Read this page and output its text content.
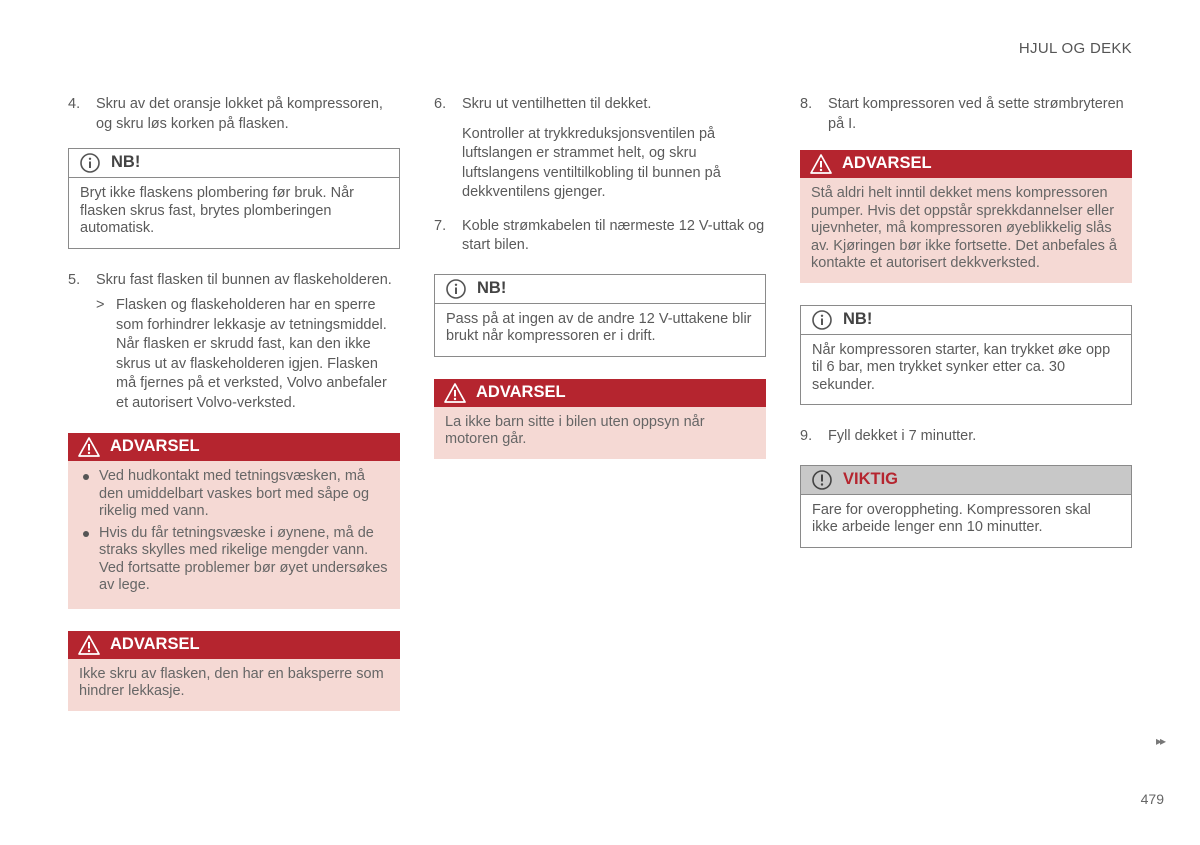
HJUL OG DEKK
4. Skru av det oransje lokket på kompressoren, og skru løs korken på flasken.
NB!
Bryt ikke flaskens plombering før bruk. Når flasken skrus fast, brytes plomberingen automatisk.
5. Skru fast flasken til bunnen av flaskeholderen.
> Flasken og flaskeholderen har en sperre som forhindrer lekkasje av tetningsmiddel. Når flasken er skrudd fast, kan den ikke skrus ut av flaskeholderen igjen. Flasken må fjernes på et verksted, Volvo anbefaler et autorisert Volvo-verksted.
ADVARSEL
Ved hudkontakt med tetningsvæsken, må den umiddelbart vaskes bort med såpe og rikelig med vann.
Hvis du får tetningsvæske i øynene, må de straks skylles med rikelige mengder vann. Ved fortsatte problemer bør øyet undersøkes av lege.
ADVARSEL
Ikke skru av flasken, den har en baksperre som hindrer lekkasje.
6. Skru ut ventilhetten til dekket.
Kontroller at trykkreduksjonsventilen på luftslangen er strammet helt, og skru luftslangens ventiltilkobling til bunnen på dekkventilens gjenger.
7. Koble strømkabelen til nærmeste 12 V-uttak og start bilen.
NB!
Pass på at ingen av de andre 12 V-uttakene blir brukt når kompressoren er i drift.
ADVARSEL
La ikke barn sitte i bilen uten oppsyn når motoren går.
8. Start kompressoren ved å sette strømbryteren på I.
ADVARSEL
Stå aldri helt inntil dekket mens kompressoren pumper. Hvis det oppstår sprekkdannelser eller ujevnheter, må kompressoren øyeblikkelig slås av. Kjøringen bør ikke fortsette. Det anbefales å kontakte et autorisert dekkverksted.
NB!
Når kompressoren starter, kan trykket øke opp til 6 bar, men trykket synker etter ca. 30 sekunder.
9. Fyll dekket i 7 minutter.
VIKTIG
Fare for overoppheting. Kompressoren skal ikke arbeide lenger enn 10 minutter.
▸▸
479
